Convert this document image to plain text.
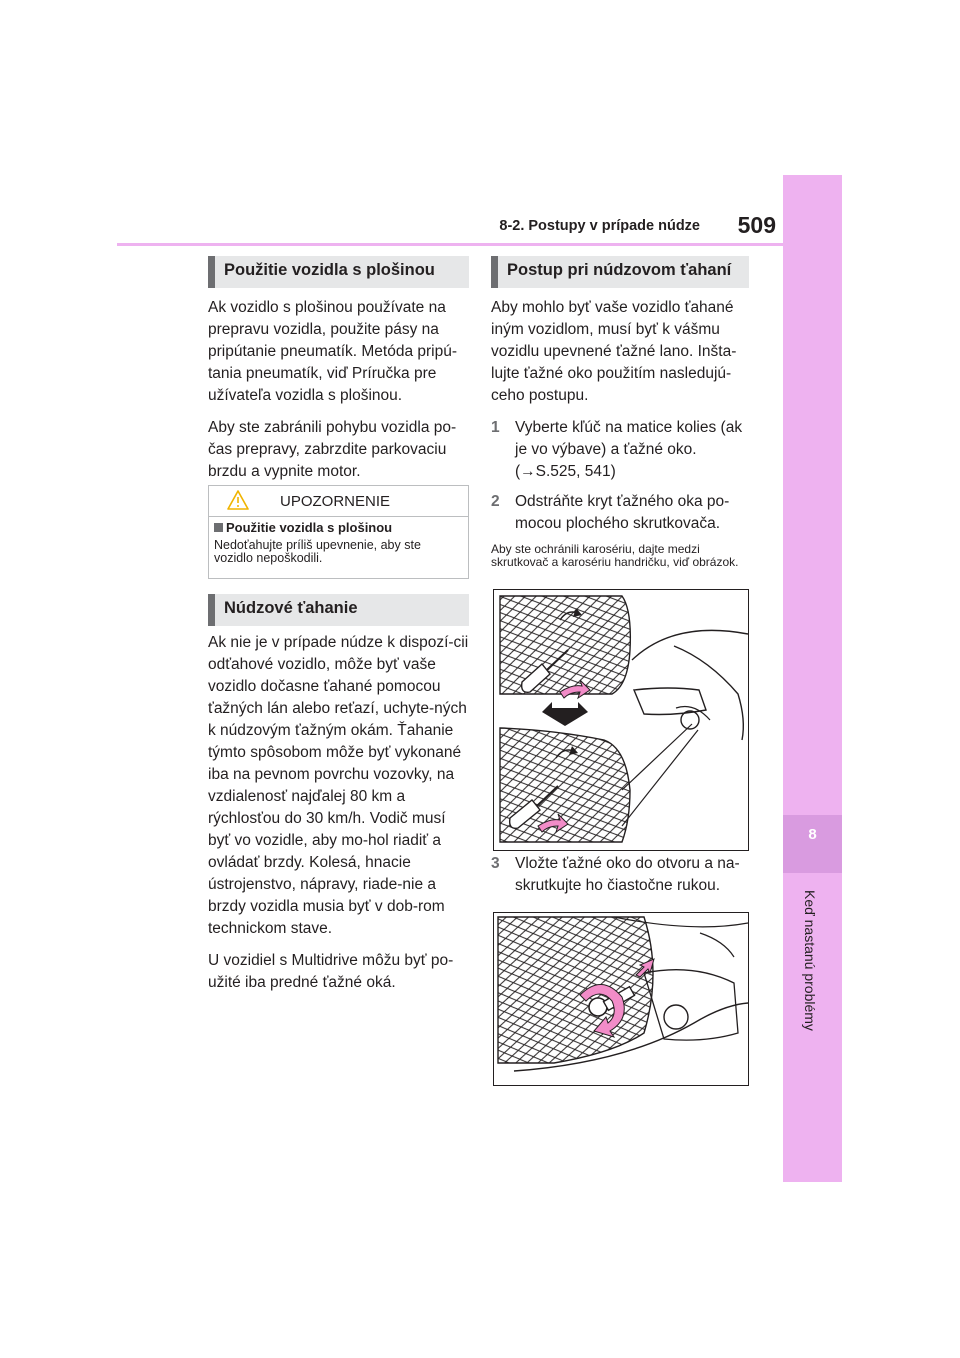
8
Keď nastanú problémy
8-2. Postupy v prípade núdze	509
Použitie vozidla s plošinou

Ak vozidlo s plošinou používate na prepravu vozidla, použite pásy na pripútanie pneumatík. Metóda pripú-tania pneumatík, viď Príručka pre užívateľa vozidla s plošinou.

Aby ste zabránili pohybu vozidla po-čas prepravy, zabrzdite parkovaciu brzdu a vypnite motor.

UPOZORNENIE
Použitie vozidla s plošinou
Nedoťahujte príliš upevnenie, aby ste vozidlo nepoškodili.
Núdzové ťahanie

Ak nie je v prípade núdze k dispozí-cii odťahové vozidlo, môže byť vaše vozidlo dočasne ťahané pomocou ťažných lán alebo reťazí, uchyte-ných k núdzovým ťažným okám. Ťahanie týmto spôsobom môže byť vykonané iba na pevnom povrchu vozovky, na vzdialenosť najďalej 80 km a rýchlosťou do 30 km/h. Vodič musí byť vo vozidle, aby mo-hol riadiť a ovládať brzdy. Kolesá, hnacie ústrojenstvo, nápravy, riade-nie a brzdy vozidla musia byť v dob-rom technickom stave.

U vozidiel s Multidrive môžu byť po-užité iba predné ťažné oká.

Postup pri núdzovom ťahaní

Aby mohlo byť vaše vozidlo ťahané iným vozidlom, musí byť k vášmu vozidlu upevnené ťažné lano. Inšta-lujte ťažné oko použitím nasledujú-ceho postupu.

1 Vyberte kľúč na matice kolies (ak je vo výbave) a ťažné oko. (→S.525, 541)
2 Odstráňte kryt ťažného oka po-mocou plochého skrutkovača.
Aby ste ochránili karosériu, dajte medzi skrutkovač a karosériu handričku, viď obrázok.
3 Vložte ťažné oko do otvoru a na-skrutkujte ho čiastočne rukou.
